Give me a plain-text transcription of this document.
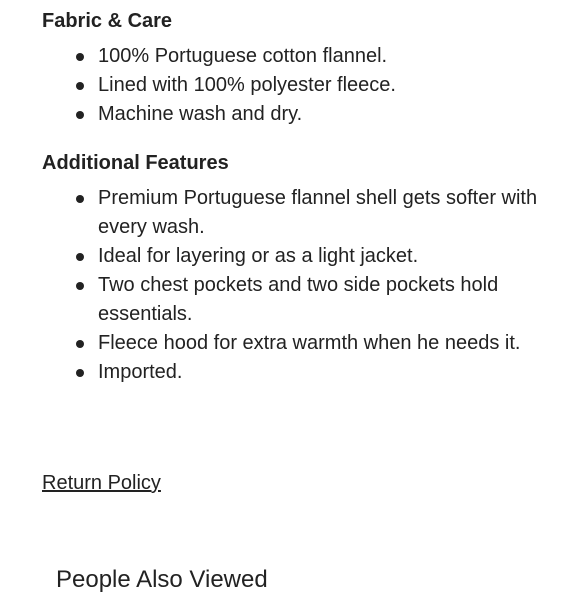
Fabric & Care
100% Portuguese cotton flannel.
Lined with 100% polyester fleece.
Machine wash and dry.
Additional Features
Premium Portuguese flannel shell gets softer with every wash.
Ideal for layering or as a light jacket.
Two chest pockets and two side pockets hold essentials.
Fleece hood for extra warmth when he needs it.
Imported.
Return Policy
People Also Viewed
